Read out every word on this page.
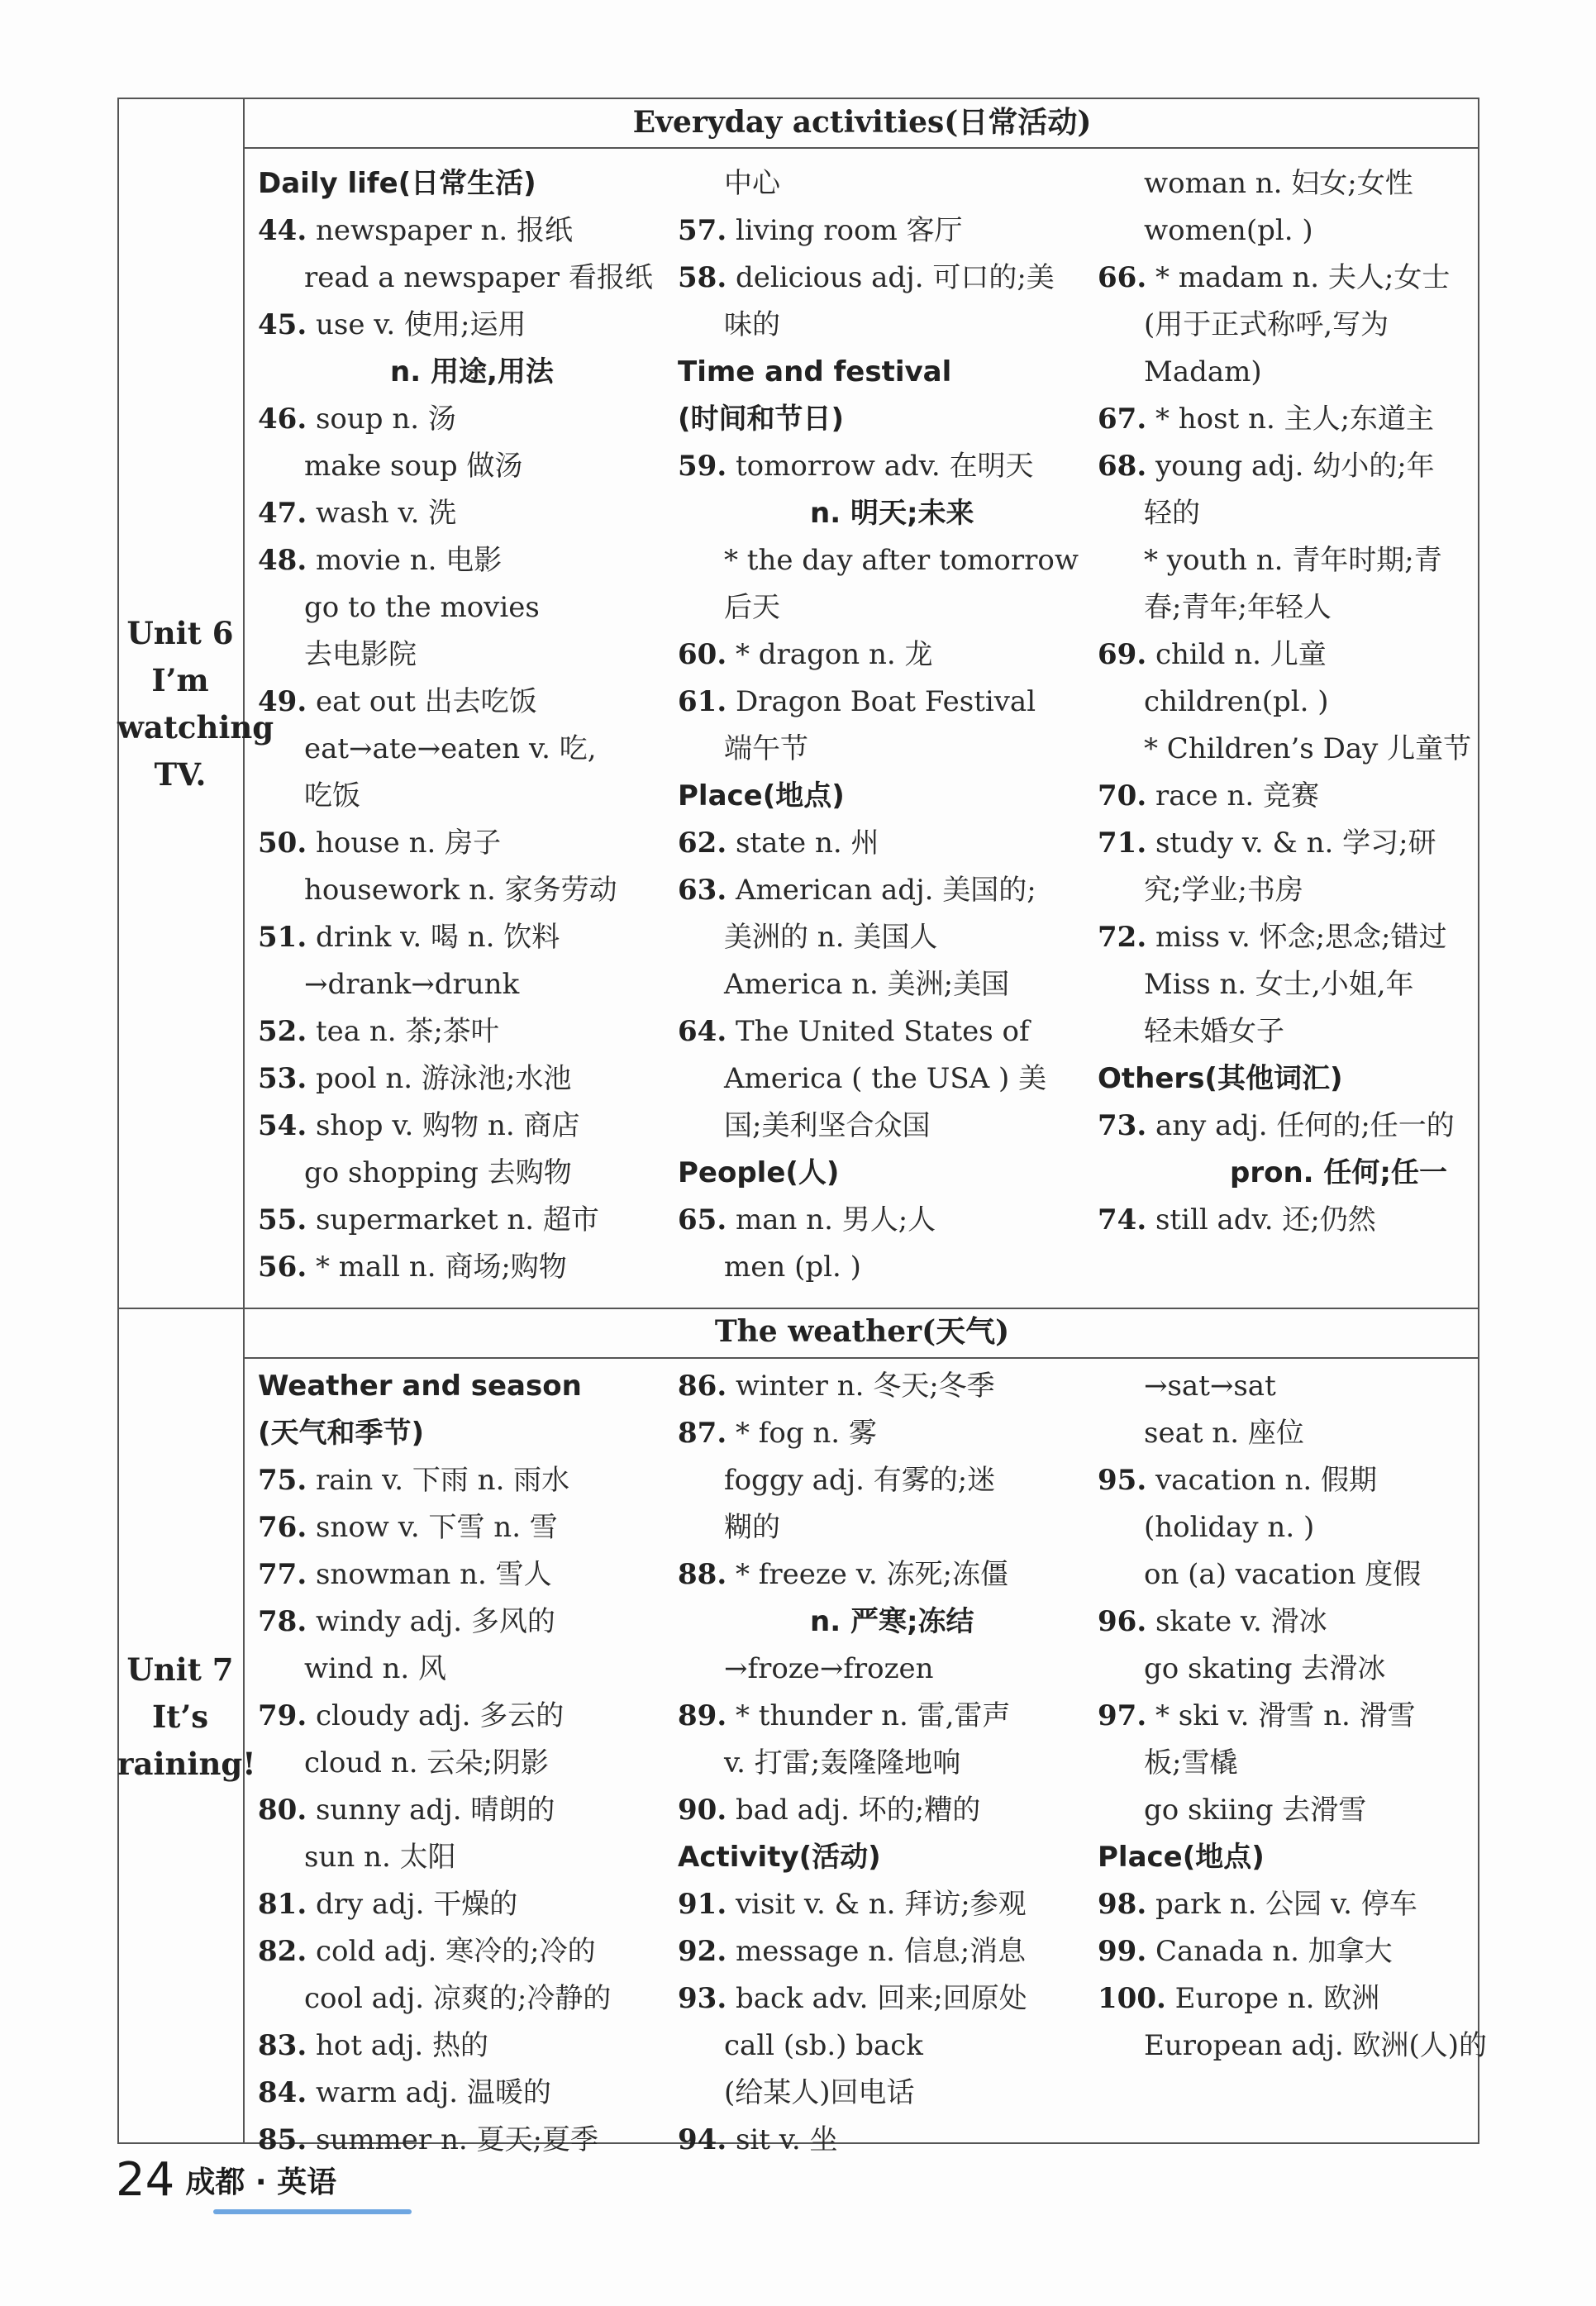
Unit 6
I’m
watching
TV.
Unit 7
It’s
raining!
Everyday activities(日常活动)
The weather(天气)
Daily life(日常生活)
44. newspaper n. 报纸
read a newspaper 看报纸
45. use v. 使用;运用
n. 用途,用法
46. soup n. 汤
make soup 做汤
47. wash v. 洗
48. movie n. 电影
go to the movies
去电影院
49. eat out 出去吃饭
eat→ate→eaten v. 吃,
吃饭
50. house n. 房子
housework n. 家务劳动
51. drink v. 喝 n. 饮料
→drank→drunk
52. tea n. 茶;茶叶
53. pool n. 游泳池;水池
54. shop v. 购物 n. 商店
go shopping 去购物
55. supermarket n. 超市
56. * mall n. 商场;购物
中心
57. living room 客厅
58. delicious adj. 可口的;美
味的
Time and festival
(时间和节日)
59. tomorrow adv. 在明天
n. 明天;未来
* the day after tomorrow
后天
60. * dragon n. 龙
61. Dragon Boat Festival
端午节
Place(地点)
62. state n. 州
63. American adj. 美国的;
美洲的 n. 美国人
America n. 美洲;美国
64. The United States of
America ( the USA ) 美
国;美利坚合众国
People(人)
65. man n. 男人;人
men (pl. )
woman n. 妇女;女性
women(pl. )
66. * madam n. 夫人;女士
(用于正式称呼,写为
Madam)
67. * host n. 主人;东道主
68. young adj. 幼小的;年
轻的
* youth n. 青年时期;青
春;青年;年轻人
69. child n. 儿童
children(pl. )
* Children’s Day 儿童节
70. race n. 竞赛
71. study v. & n. 学习;研
究;学业;书房
72. miss v. 怀念;思念;错过
Miss n. 女士,小姐,年
轻未婚女子
Others(其他词汇)
73. any adj. 任何的;任一的
pron. 任何;任一
74. still adv. 还;仍然
Weather and season
(天气和季节)
75. rain v. 下雨 n. 雨水
76. snow v. 下雪 n. 雪
77. snowman n. 雪人
78. windy adj. 多风的
wind n. 风
79. cloudy adj. 多云的
cloud n. 云朵;阴影
80. sunny adj. 晴朗的
sun n. 太阳
81. dry adj. 干燥的
82. cold adj. 寒冷的;冷的
cool adj. 凉爽的;冷静的
83. hot adj. 热的
84. warm adj. 温暖的
85. summer n. 夏天;夏季
86. winter n. 冬天;冬季
87. * fog n. 雾
foggy adj. 有雾的;迷
糊的
88. * freeze v. 冻死;冻僵
n. 严寒;冻结
→froze→frozen
89. * thunder n. 雷,雷声
v. 打雷;轰隆隆地响
90. bad adj. 坏的;糟的
Activity(活动)
91. visit v. & n. 拜访;参观
92. message n. 信息;消息
93. back adv. 回来;回原处
call (sb.) back
(给某人)回电话
94. sit v. 坐
→sat→sat
seat n. 座位
95. vacation n. 假期
(holiday n. )
on (a) vacation 度假
96. skate v. 滑冰
go skating 去滑冰
97. * ski v. 滑雪 n. 滑雪
板;雪橇
go skiing 去滑雪
Place(地点)
98. park n. 公园 v. 停车
99. Canada n. 加拿大
100. Europe n. 欧洲
European adj. 欧洲(人)的
24 成都 · 英语
